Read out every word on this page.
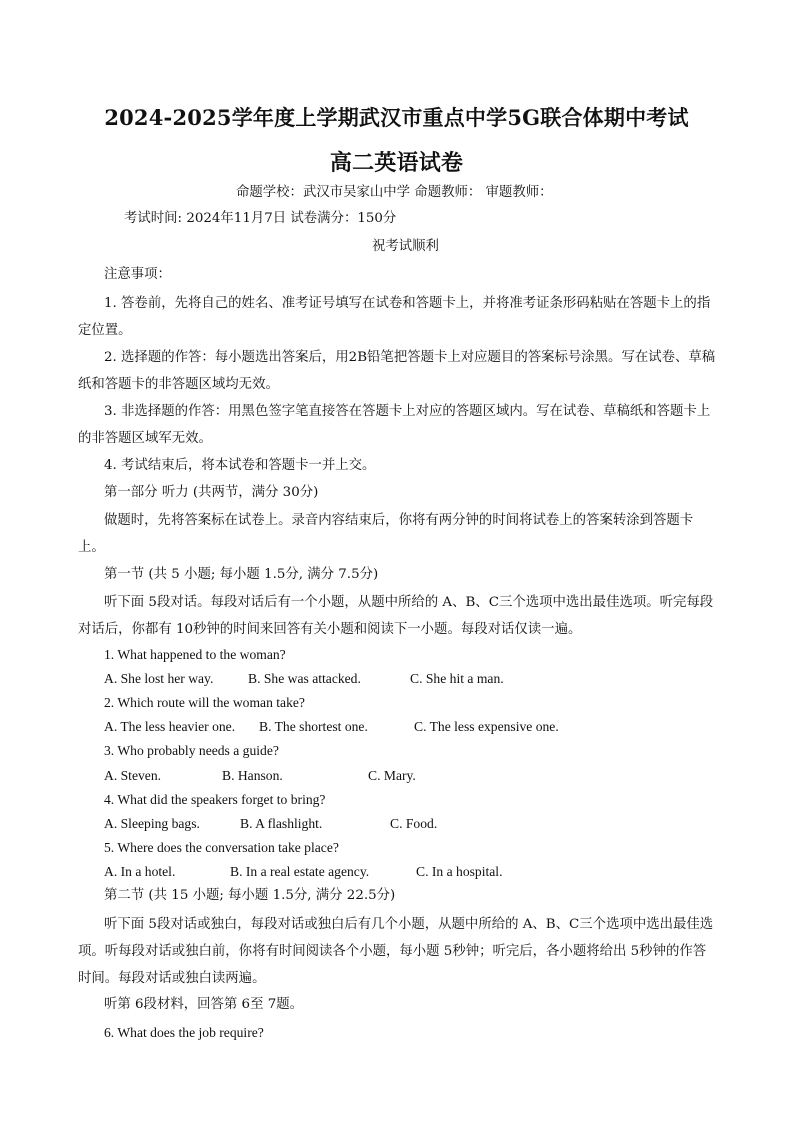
2024-2025学年度上学期武汉市重点中学5G联合体期中考试
高二英语试卷
命题学校：武汉市吴家山中学 命题教师： 审题教师：
考试时间: 2024年11月7日 试卷满分：150分
祝考试顺利
注意事项：
1. 答卷前，先将自己的姓名、准考证号填写在试卷和答题卡上，并将准考证条形码粘贴在答题卡上的指定位置。
2. 选择题的作答：每小题选出答案后，用2B铅笔把答题卡上对应题目的答案标号涂黑。写在试卷、草稿纸和答题卡的非答题区域均无效。
3. 非选择题的作答：用黑色签字笔直接答在答题卡上对应的答题区域内。写在试卷、草稿纸和答题卡上的非答题区域军无效。
4. 考试结束后，将本试卷和答题卡一并上交。
第一部分 听力 (共两节，满分 30分)
做题时，先将答案标在试卷上。录音内容结束后，你将有两分钟的时间将试卷上的答案转涂到答题卡上。
第一节 (共 5 小题; 每小题 1.5分, 满分 7.5分)
听下面 5段对话。每段对话后有一个小题，从题中所给的 A、B、C三个选项中选出最佳选项。听完每段对话后，你都有 10秒钟的时间来回答有关小题和阅读下一小题。每段对话仅读一遍。
1. What happened to the woman?
A. She lost her way.	B. She was attacked.	C. She hit a man.
2. Which route will the woman take?
A. The less heavier one. B. The shortest one.	C. The less expensive one.
3. Who probably needs a guide?
A. Steven.	B. Hanson.	C. Mary.
4. What did the speakers forget to bring?
A. Sleeping bags.	B. A flashlight.	C. Food.
5. Where does the conversation take place?
A. In a hotel.	B. In a real estate agency.	C. In a hospital.
第二节 (共 15 小题; 每小题 1.5分, 满分 22.5分)
听下面 5段对话或独白，每段对话或独白后有几个小题，从题中所给的 A、B、C三个选项中选出最佳选项。听每段对话或独白前，你将有时间阅读各个小题，每小题 5秒钟；听完后，各小题将给出 5秒钟的作答时间。每段对话或独白读两遍。
听第 6段材料，回答第 6至 7题。
6. What does the job require?
